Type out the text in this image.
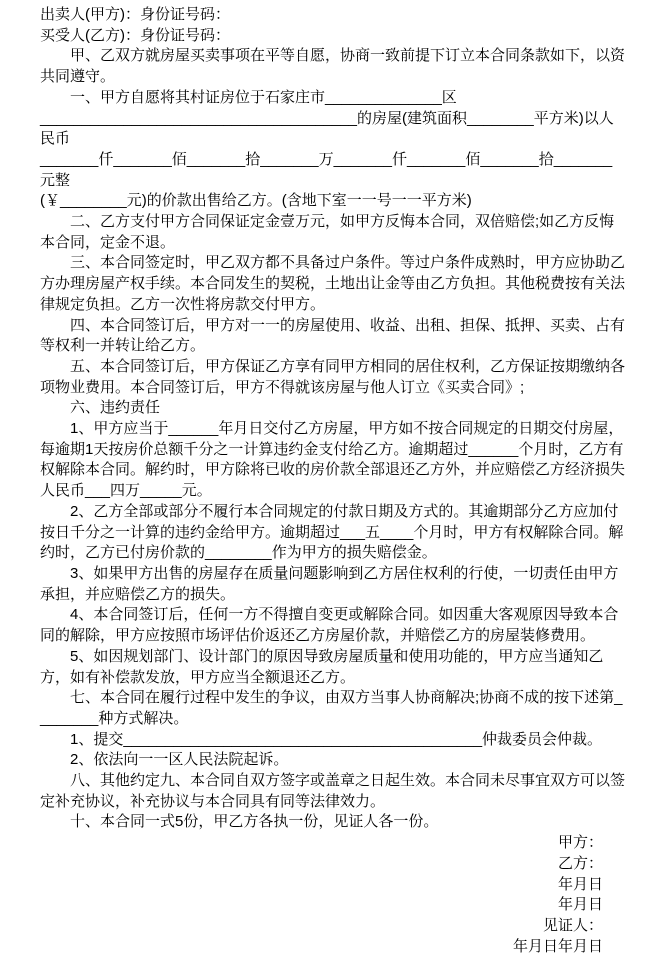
出卖人(甲方)：身份证号码：

买受人(乙方)：身份证号码：

甲、乙双方就房屋买卖事项在平等自愿，协商一致前提下订立本合同条款如下，以资共同遵守。

一、甲方自愿将其村证房位于石家庄市______________区

______________________________________的房屋(建筑面积________平方米)以人民币

_______仟_______佰_______拾_______万_______仟_______佰_______拾_______元整

(￥________元)的价款出售给乙方。(含地下室一一号一一平方米)

二、乙方支付甲方合同保证定金壹万元，如甲方反悔本合同，双倍赔偿;如乙方反悔本合同，定金不退。

三、本合同签定时，甲乙双方都不具备过户条件。等过户条件成熟时，甲方应协助乙方办理房屋产权手续。本合同发生的契税，土地出让金等由乙方负担。其他税费按有关法律规定负担。乙方一次性将房款交付甲方。

四、本合同签订后，甲方对一一的房屋使用、收益、出租、担保、抵押、买卖、占有等权利一并转让给乙方。

五、本合同签订后，甲方保证乙方享有同甲方相同的居住权利，乙方保证按期缴纳各项物业费用。本合同签订后，甲方不得就该房屋与他人订立《买卖合同》;

六、违约责任

1、甲方应当于______年月日交付乙方房屋，甲方如不按合同规定的日期交付房屋，每逾期1天按房价总额千分之一计算违约金支付给乙方。逾期超过______个月时，乙方有权解除本合同。解约时，甲方除将已收的房价款全部退还乙方外，并应赔偿乙方经济损失人民币___四万_____元。

2、乙方全部或部分不履行本合同规定的付款日期及方式的。其逾期部分乙方应加付按日千分之一计算的违约金给甲方。逾期超过___五____个月时，甲方有权解除合同。解约时，乙方已付房价款的________作为甲方的损失赔偿金。

3、如果甲方出售的房屋存在质量问题影响到乙方居住权利的行使，一切责任由甲方承担，并应赔偿乙方的损失。

4、本合同签订后，任何一方不得擅自变更或解除合同。如因重大客观原因导致本合同的解除，甲方应按照市场评估价返还乙方房屋价款，并赔偿乙方的房屋装修费用。

5、如因规划部门、设计部门的原因导致房屋质量和使用功能的，甲方应当通知乙方，如有补偿款发放，甲方应当全额退还乙方。

七、本合同在履行过程中发生的争议，由双方当事人协商解决;协商不成的按下述第________种方式解决。

1、提交___________________________________________仲裁委员会仲裁。

2、依法向一一区人民法院起诉。

八、其他约定九、本合同自双方签字或盖章之日起生效。本合同未尽事宜双方可以签定补充协议，补充协议与本合同具有同等法律效力。

十、本合同一式5份，甲乙方各执一份，见证人各一份。

甲方：

乙方：

年月日

年月日

见证人：

年月日年月日
